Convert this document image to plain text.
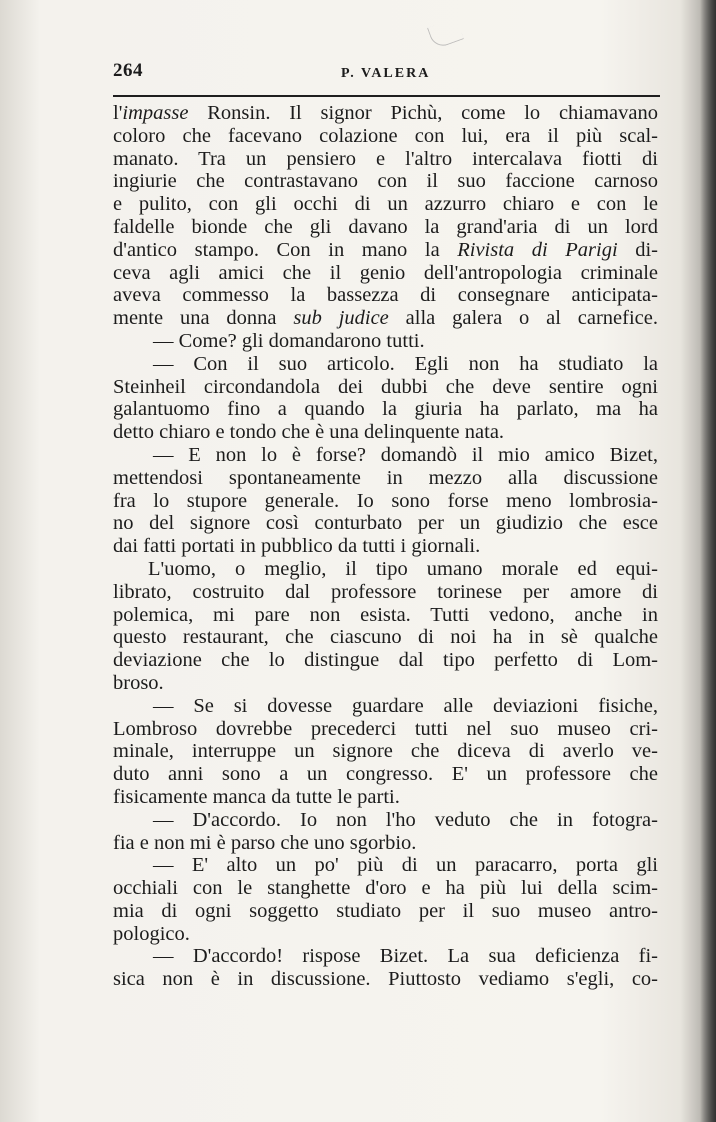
264	P. VALERA
l'impasse Ronsin. Il signor Pichù, come lo chiamavano
coloro che facevano colazione con lui, era il più scal-
manato. Tra un pensiero e l'altro intercalava fiotti di
ingiurie che contrastavano con il suo faccione carnoso
e pulito, con gli occhi di un azzurro chiaro e con le
faldelle bionde che gli davano la grand'aria di un lord
d'antico stampo. Con in mano la Rivista di Parigi di-
ceva agli amici che il genio dell'antropologia criminale
aveva commesso la bassezza di consegnare anticipata-
mente una donna sub judice alla galera o al carnefice.
— Come? gli domandarono tutti.
— Con il suo articolo. Egli non ha studiato la
Steinheil circondandola dei dubbi che deve sentire ogni
galantuomo fino a quando la giuria ha parlato, ma ha
detto chiaro e tondo che è una delinquente nata.
— E non lo è forse? domandò il mio amico Bizet,
mettendosi spontaneamente in mezzo alla discussione
fra lo stupore generale. Io sono forse meno lombrosia-
no del signore così conturbato per un giudizio che esce
dai fatti portati in pubblico da tutti i giornali.
L'uomo, o meglio, il tipo umano morale ed equi-
librato, costruito dal professore torinese per amore di
polemica, mi pare non esista. Tutti vedono, anche in
questo restaurant, che ciascuno di noi ha in sè qualche
deviazione che lo distingue dal tipo perfetto di Lom-
broso.
— Se si dovesse guardare alle deviazioni fisiche,
Lombroso dovrebbe precederci tutti nel suo museo cri-
minale, interruppe un signore che diceva di averlo ve-
duto anni sono a un congresso. E' un professore che
fisicamente manca da tutte le parti.
— D'accordo. Io non l'ho veduto che in fotogra-
fia e non mi è parso che uno sgorbio.
— E' alto un po' più di un paracarro, porta gli
occhiali con le stanghette d'oro e ha più lui della scim-
mia di ogni soggetto studiato per il suo museo antro-
pologico.
— D'accordo! rispose Bizet. La sua deficienza fi-
sica non è in discussione. Piuttosto vediamo s'egli, co-
